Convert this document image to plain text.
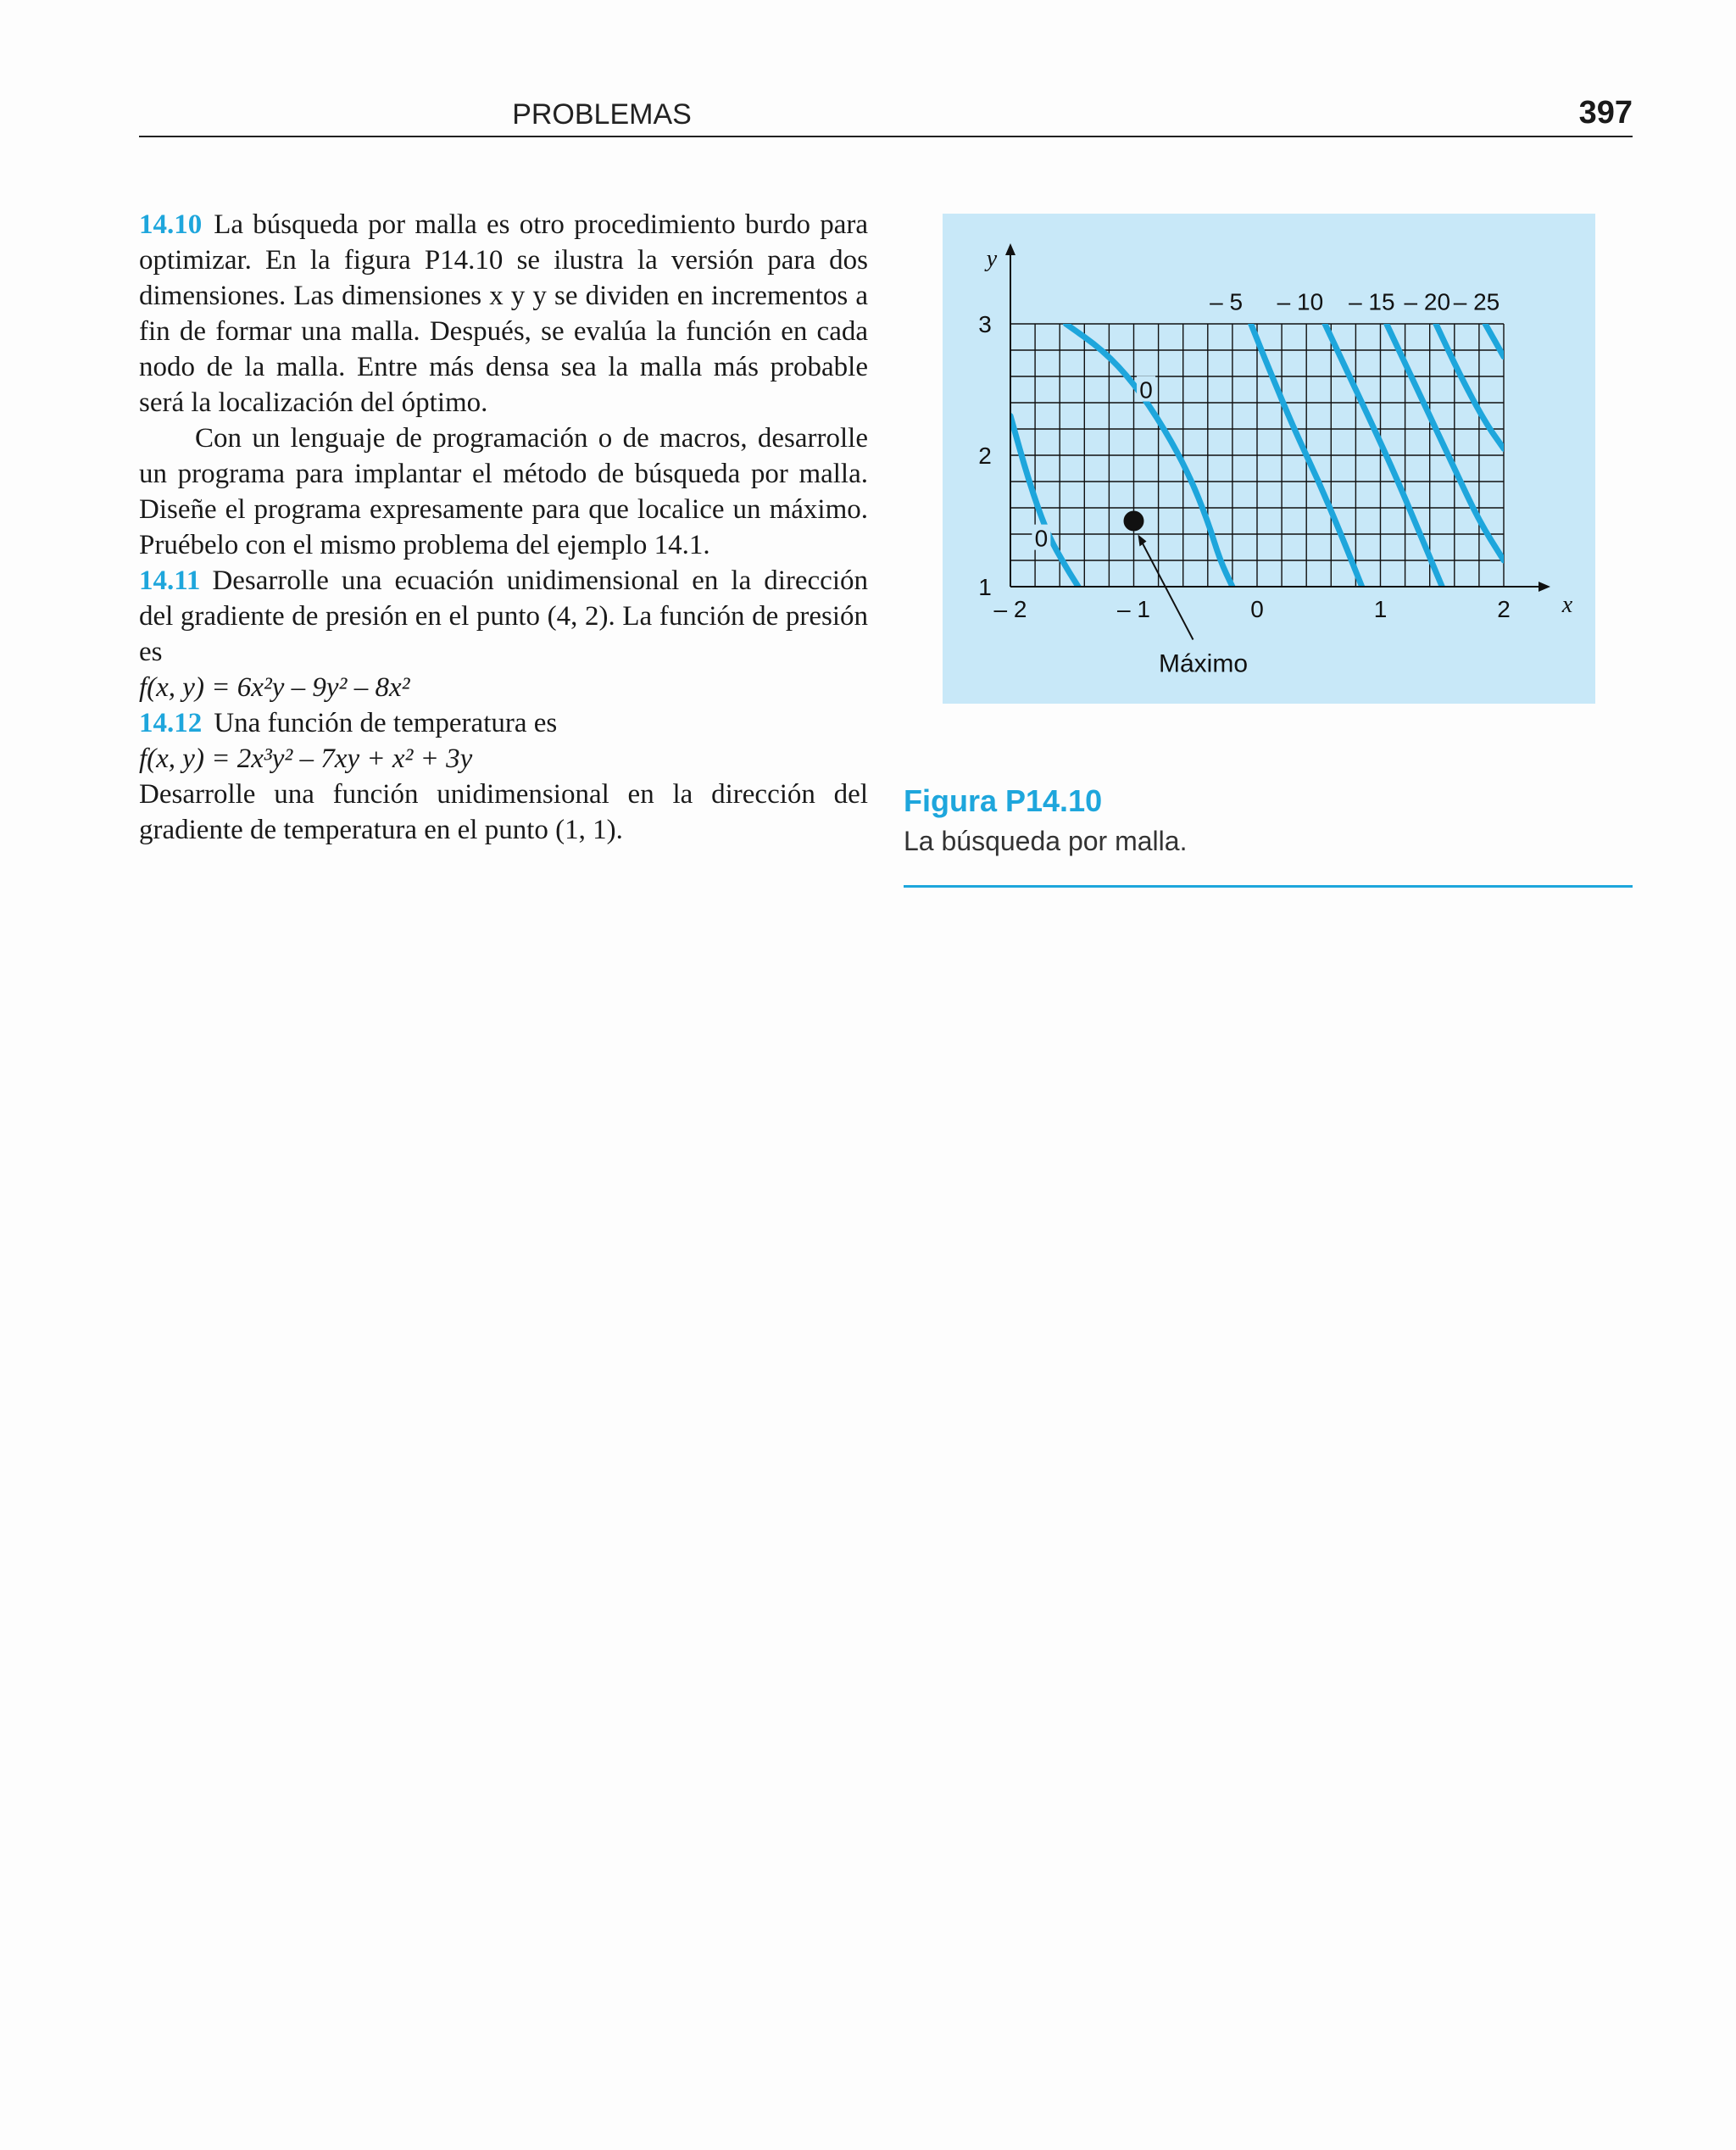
PROBLEMAS	397

14.10 La búsqueda por malla es otro procedimiento burdo para optimizar. En la figura P14.10 se ilustra la versión para dos dimensiones. Las dimensiones x y y se dividen en incrementos a fin de formar una malla. Después, se evalúa la función en cada nodo de la malla. Entre más densa sea la malla más probable será la localización del óptimo.

Con un lenguaje de programación o de macros, desarrolle un programa para implantar el método de búsqueda por malla. Diseñe el programa expresamente para que localice un máximo. Pruébelo con el mismo problema del ejemplo 14.1.

14.11 Desarrolle una ecuación unidimensional en la dirección del gradiente de presión en el punto (4, 2). La función de presión es

f(x, y) = 6x²y – 9y² – 8x²

14.12 Una función de temperatura es

f(x, y) = 2x³y² – 7xy + x² + 3y

Desarrolle una función unidimensional en la dirección del gradiente de temperatura en el punto (1, 1).

y
x
– 2	– 1	0	1	2
1
2
3
0
0
– 5 – 10 – 15 – 20 – 25
Máximo
Figura P14.10
La búsqueda por malla.
